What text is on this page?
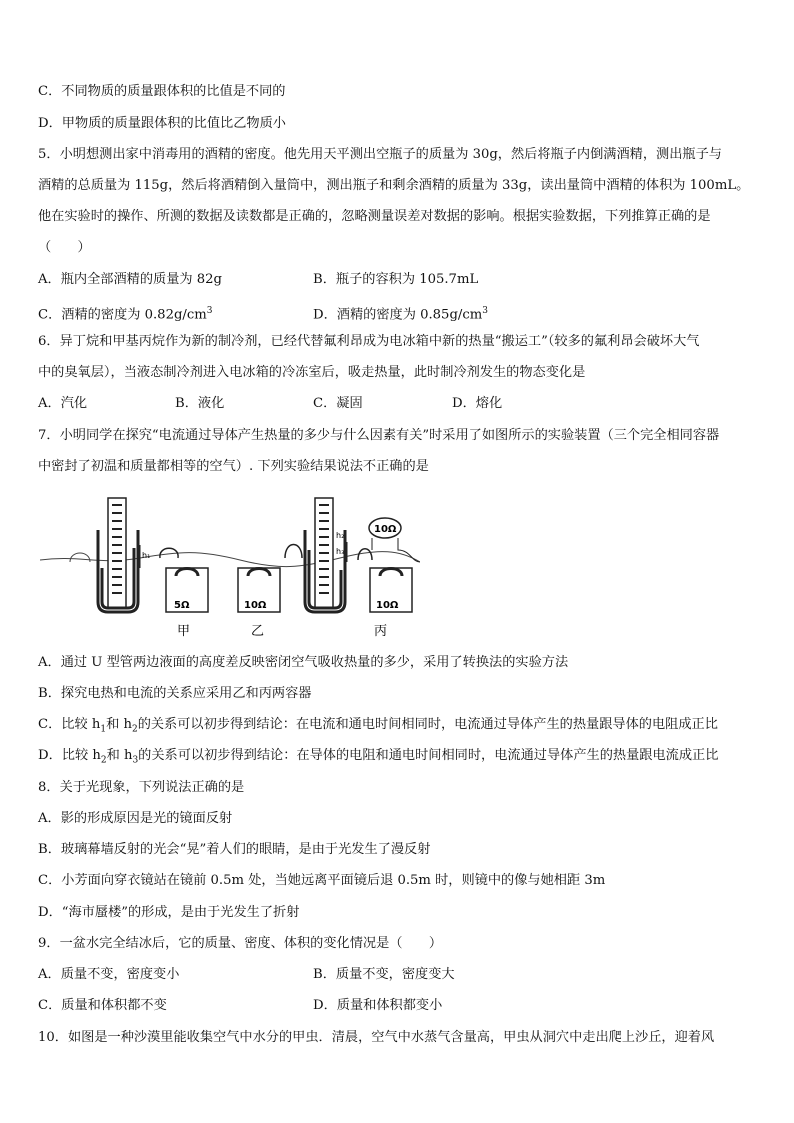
C．不同物质的质量跟体积的比值是不同的
D．甲物质的质量跟体积的比值比乙物质小
5．小明想测出家中消毒用的酒精的密度。他先用天平测出空瓶子的质量为 30g，然后将瓶子内倒满酒精，测出瓶子与
酒精的总质量为 115g，然后将酒精倒入量筒中，测出瓶子和剩余酒精的质量为 33g，读出量筒中酒精的体积为 100mL。
他在实验时的操作、所测的数据及读数都是正确的，忽略测量误差对数据的影响。根据实验数据，下列推算正确的是
（　　）
A．瓶内全部酒精的质量为 82g	B．瓶子的容积为 105.7mL
C．酒精的密度为 $0.82g/cm^3$	D．酒精的密度为 $0.85g/cm^3$
6．异丁烷和甲基丙烷作为新的制冷剂，已经代替氟利昂成为电冰箱中新的热量“搬运工”（较多的氟利昂会破坏大气
中的臭氧层），当液态制冷剂进入电冰箱的冷冻室后，吸走热量，此时制冷剂发生的物态变化是
A．汽化	B．液化	C．凝固	D．熔化
7．小明同学在探究“电流通过导体产生热量的多少与什么因素有关”时采用了如图所示的实验装置（三个完全相同容器
中密封了初温和质量都相等的空气）. 下列实验结果说法不正确的是
h₁
5Ω	10Ω
h₂
h₃
10Ω
10Ω
甲	乙	丙
A．通过 U 型管两边液面的高度差反映密闭空气吸收热量的多少，采用了转换法的实验方法
B．探究电热和电流的关系应采用乙和丙两容器
C．比较 $h_1$和 $h_2$的关系可以初步得到结论：在电流和通电时间相同时，电流通过导体产生的热量跟导体的电阻成正比
D．比较 $h_2$和 $h_3$的关系可以初步得到结论：在导体的电阻和通电时间相同时，电流通过导体产生的热量跟电流成正比
8．关于光现象，下列说法正确的是
A．影的形成原因是光的镜面反射
B．玻璃幕墙反射的光会“晃”着人们的眼睛，是由于光发生了漫反射
C．小芳面向穿衣镜站在镜前 0.5m 处，当她远离平面镜后退 0.5m 时，则镜中的像与她相距 3m
D．“海市蜃楼”的形成，是由于光发生了折射
9．一盆水完全结冰后，它的质量、密度、体积的变化情况是（　　）
A．质量不变，密度变小	B．质量不变，密度变大
C．质量和体积都不变	D．质量和体积都变小
10．如图是一种沙漠里能收集空气中水分的甲虫．清晨，空气中水蒸气含量高，甲虫从洞穴中走出爬上沙丘，迎着风
